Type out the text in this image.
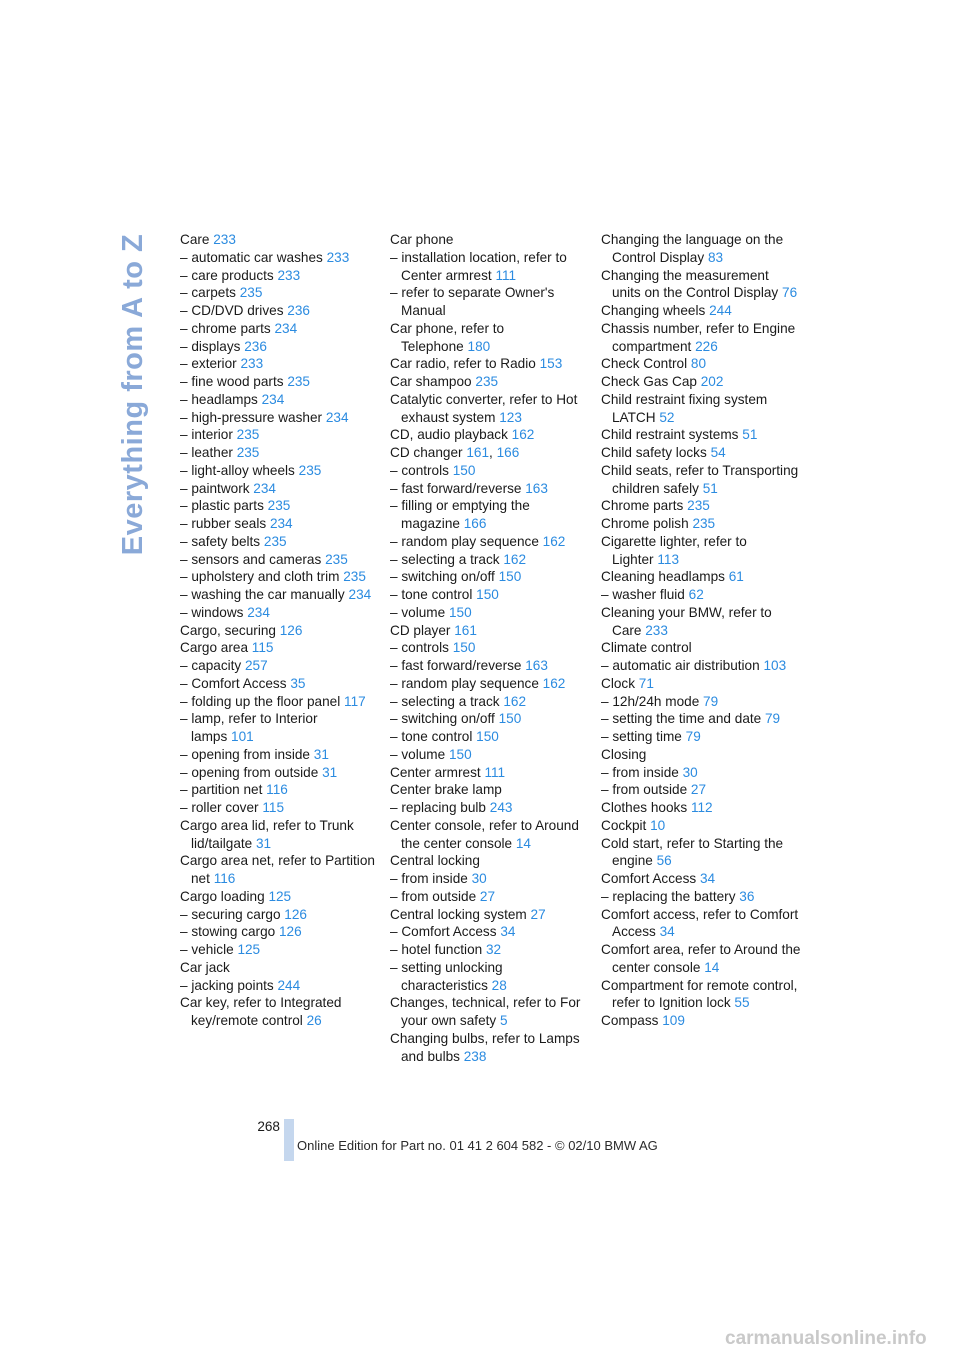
Everything from A to Z Care 233
– automatic car washes 233
– care products 233
– carpets 235
– CD/DVD drives 236
– chrome parts 234
– displays 236
– exterior 233
– fine wood parts 235
– headlamps 234
– high-pressure washer 234
– interior 235
– leather 235
– light-alloy wheels 235
– paintwork 234
– plastic parts 235
– rubber seals 234
– safety belts 235
– sensors and cameras 235
– upholstery and cloth trim 235
– washing the car manually 234
– windows 234
Cargo, securing 126
Cargo area 115
– capacity 257
– Comfort Access 35
– folding up the floor panel 117
– lamp, refer to Interior lamps 101
– opening from inside 31
– opening from outside 31
– partition net 116
– roller cover 115
Cargo area lid, refer to Trunk lid/tailgate 31
Cargo area net, refer to Partition net 116
Cargo loading 125
– securing cargo 126
– stowing cargo 126
– vehicle 125
Car jack
– jacking points 244
Car key, refer to Integrated key/remote control 26
Car phone
– installation location, refer to Center armrest 111
– refer to separate Owner's Manual
Car phone, refer to Telephone 180
Car radio, refer to Radio 153
Car shampoo 235
Catalytic converter, refer to Hot exhaust system 123
CD, audio playback 162
CD changer 161, 166
– controls 150
– fast forward/reverse 163
– filling or emptying the magazine 166
– random play sequence 162
– selecting a track 162
– switching on/off 150
– tone control 150
– volume 150
CD player 161
– controls 150
– fast forward/reverse 163
– random play sequence 162
– selecting a track 162
– switching on/off 150
– tone control 150
– volume 150
Center armrest 111
Center brake lamp
– replacing bulb 243
Center console, refer to Around the center console 14
Central locking
– from inside 30
– from outside 27
Central locking system 27
– Comfort Access 34
– hotel function 32
– setting unlocking characteristics 28
Changes, technical, refer to For your own safety 5
Changing bulbs, refer to Lamps and bulbs 238
Changing the language on the Control Display 83
Changing the measurement units on the Control Display 76
Changing wheels 244
Chassis number, refer to Engine compartment 226
Check Control 80
Check Gas Cap 202
Child restraint fixing system LATCH 52
Child restraint systems 51
Child safety locks 54
Child seats, refer to Transporting children safely 51
Chrome parts 235
Chrome polish 235
Cigarette lighter, refer to Lighter 113
Cleaning headlamps 61
– washer fluid 62
Cleaning your BMW, refer to Care 233
Climate control
– automatic air distribution 103
Clock 71
– 12h/24h mode 79
– setting the time and date 79
– setting time 79
Closing
– from inside 30
– from outside 27
Clothes hooks 112
Cockpit 10
Cold start, refer to Starting the engine 56
Comfort Access 34
– replacing the battery 36
Comfort access, refer to Comfort Access 34
Comfort area, refer to Around the center console 14
Compartment for remote control, refer to Ignition lock 55
Compass 109
268
Online Edition for Part no. 01 41 2 604 582 - © 02/10 BMW AG
carmanualsonline.info
